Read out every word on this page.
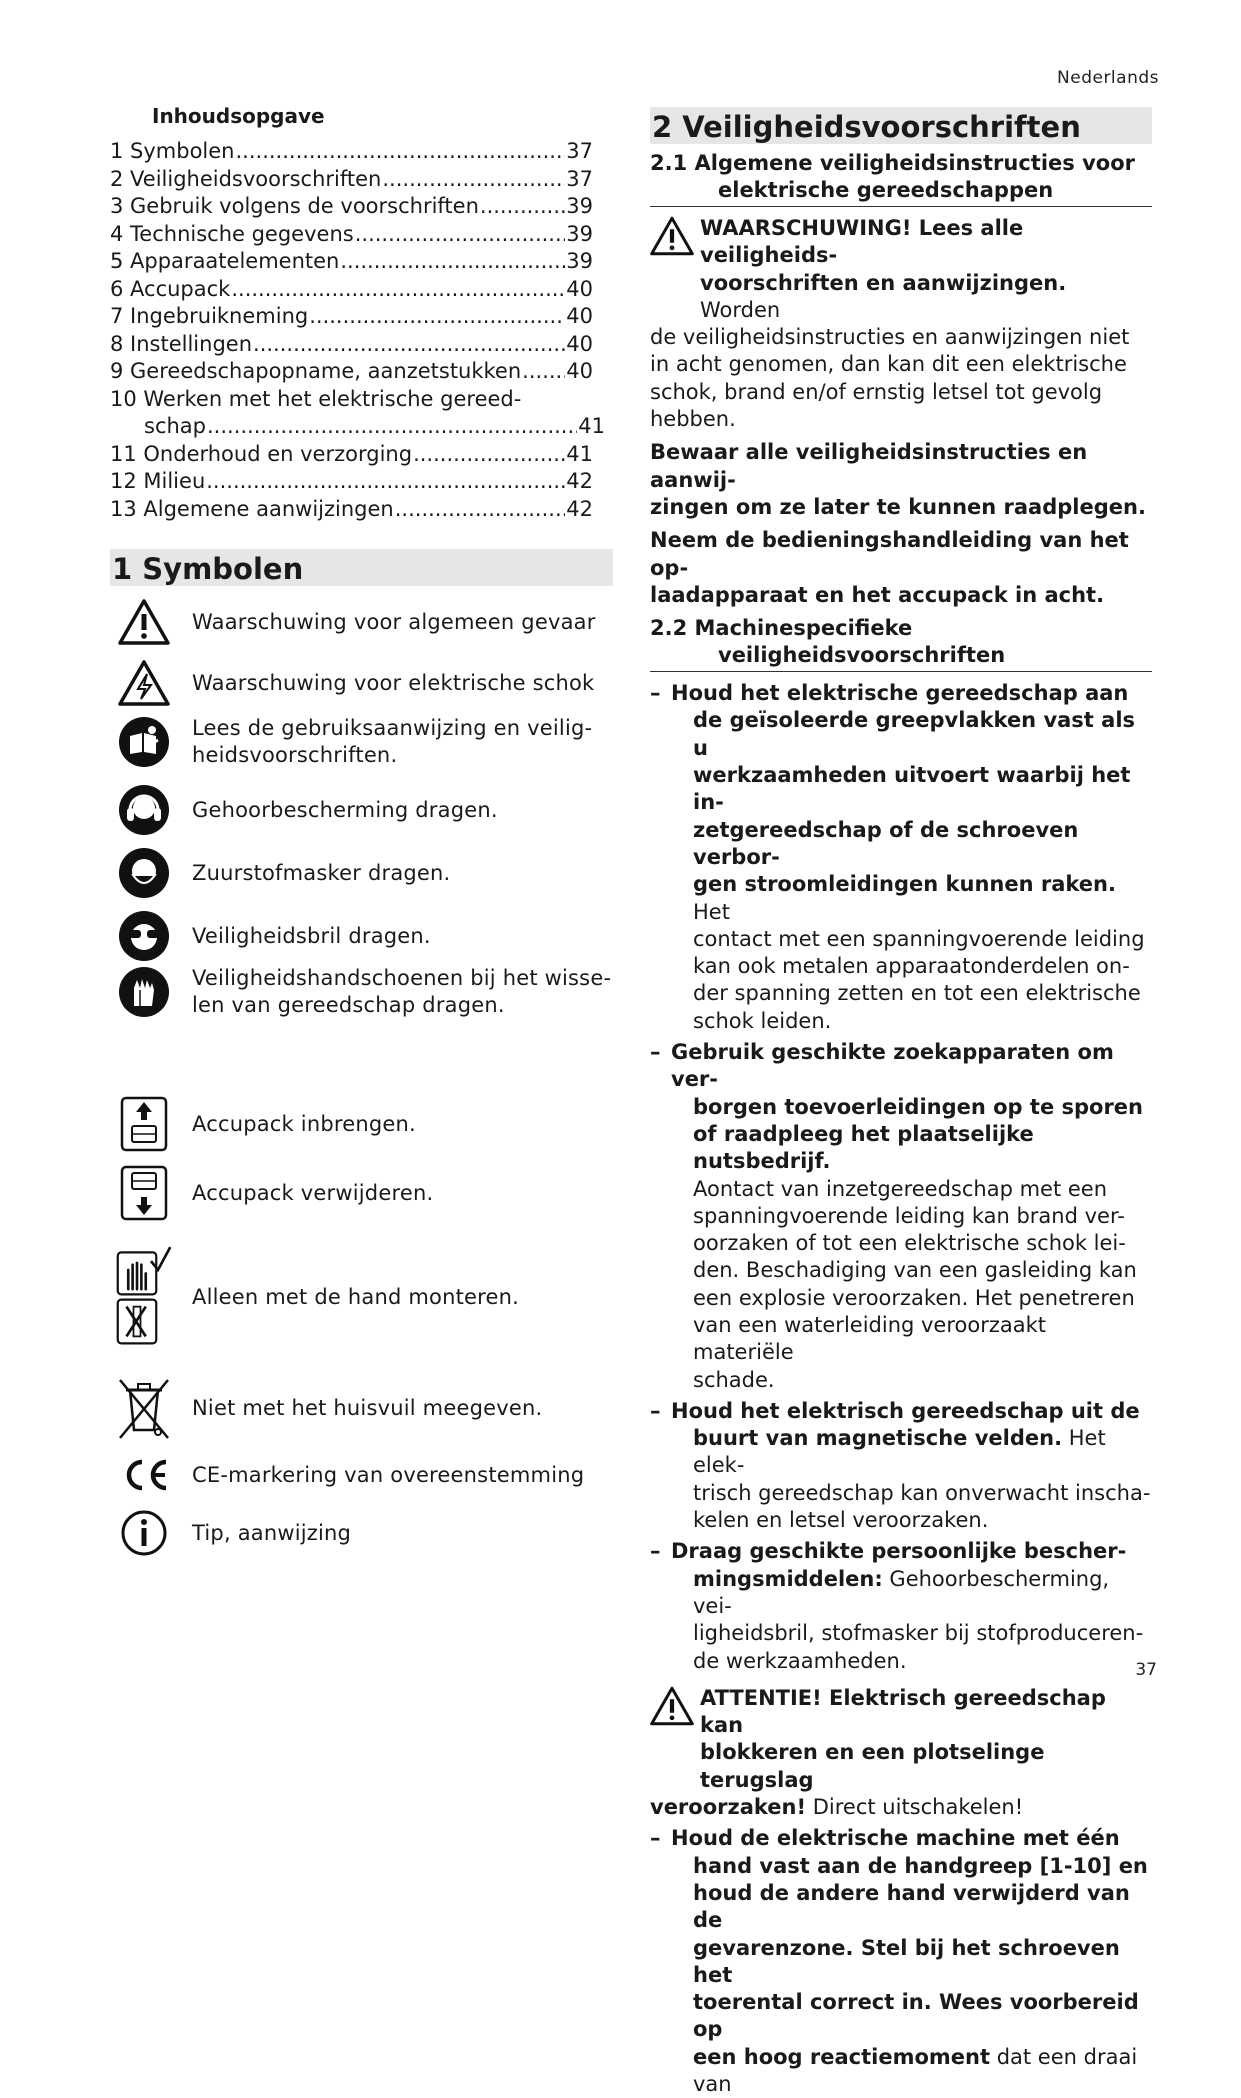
Nederlands
Inhoudsopgave
1 Symbolen .....	37
2 Veiligheidsvoorschriften .....	37
3 Gebruik volgens de voorschriften .....	39
4 Technische gegevens .....	39
5 Apparaatelementen .....	39
6 Accupack .....	40
7 Ingebruikneming .....	40
8 Instellingen .....	40
9 Gereedschapopname, aanzetstukken ..... 40
10 Werken met het elektrische gereed-
schap .....	41
11 Onderhoud en verzorging .....	41
12 Milieu .....	42
13 Algemene aanwijzingen .....	42
1 Symbolen
Waarschuwing voor algemeen gevaar
Waarschuwing voor elektrische schok
Lees de gebruiksaanwijzing en veilig-
heidsvoorschriften.
Gehoorbescherming dragen.
Zuurstofmasker dragen.
Veiligheidsbril dragen.
Veiligheidshandschoenen bij het wisse-
len van gereedschap dragen.
Accupack inbrengen.
Accupack verwijderen.
Alleen met de hand monteren.
Niet met het huisvuil meegeven.
CE-markering van overeenstemming
Tip, aanwijzing
2 Veiligheidsvoorschriften
2.1 Algemene veiligheidsinstructies voor
elektrische gereedschappen
WAARSCHUWING! Lees alle veiligheids-
voorschriften en aanwijzingen. Worden
de veiligheidsinstructies en aanwijzingen niet
in acht genomen, dan kan dit een elektrische
schok, brand en/of ernstig letsel tot gevolg
hebben.

Bewaar alle veiligheidsinstructies en aanwij-
zingen om ze later te kunnen raadplegen.

Neem de bedieningshandleiding van het op-
laadapparaat en het accupack in acht.

2.2 Machinespecifieke
veiligheidsvoorschriften
– Houd het elektrische gereedschap aan
de geïsoleerde greepvlakken vast als u
werkzaamheden uitvoert waarbij het in-
zetgereedschap of de schroeven verbor-
gen stroomleidingen kunnen raken. Het
contact met een spanningvoerende leiding
kan ook metalen apparaatonderdelen on-
der spanning zetten en tot een elektrische
schok leiden.
– Gebruik geschikte zoekapparaten om ver-
borgen toevoerleidingen op te sporen
of raadpleeg het plaatselijke nutsbedrijf.
Aontact van inzetgereedschap met een
spanningvoerende leiding kan brand ver-
oorzaken of tot een elektrische schok lei-
den. Beschadiging van een gasleiding kan
een explosie veroorzaken. Het penetreren
van een waterleiding veroorzaakt materiële
schade.
– Houd het elektrisch gereedschap uit de
buurt van magnetische velden. Het elek-
trisch gereedschap kan onverwacht inscha-
kelen en letsel veroorzaken.
– Draag geschikte persoonlijke bescher-
mingsmiddelen: Gehoorbescherming, vei-
ligheidsbril, stofmasker bij stofproduceren-
de werkzaamheden.
ATTENTIE! Elektrisch gereedschap kan
blokkeren en een plotselinge terugslag
veroorzaken! Direct uitschakelen!
– Houd de elektrische machine met één
hand vast aan de handgreep [1-10] en
houd de andere hand verwijderd van de
gevarenzone. Stel bij het schroeven het
toerental correct in. Wees voorbereid op
een hoog reactiemoment dat een draai van
37
